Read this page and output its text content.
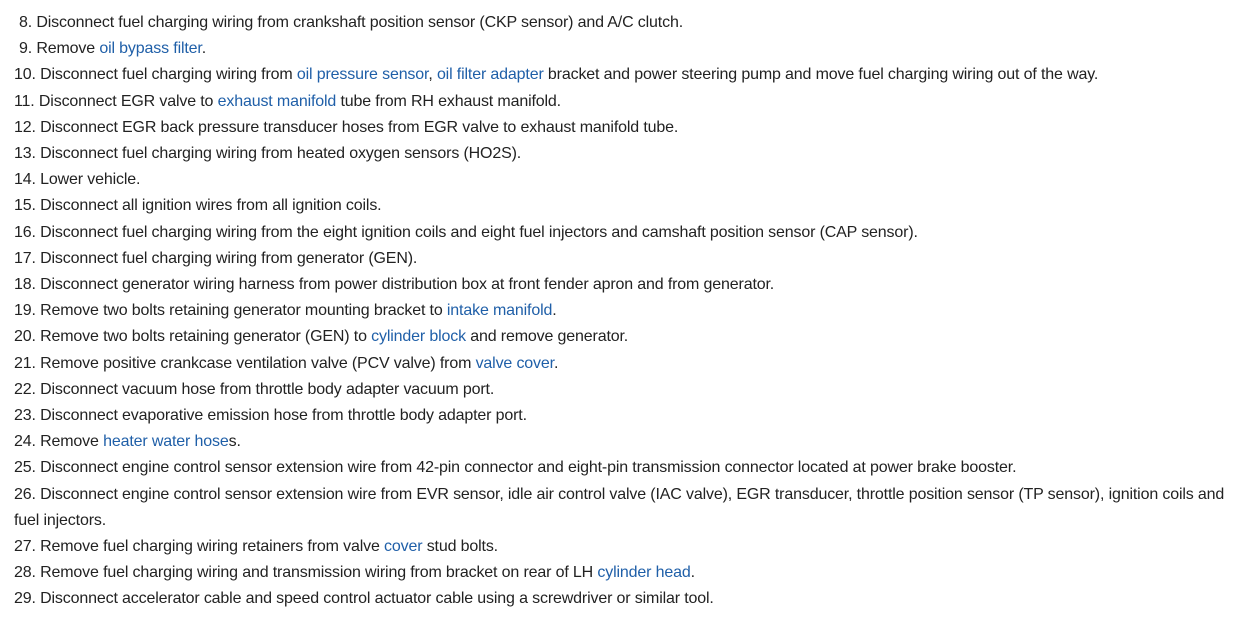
8. Disconnect fuel charging wiring from crankshaft position sensor (CKP sensor) and A/C clutch.
9. Remove oil bypass filter.
10. Disconnect fuel charging wiring from oil pressure sensor, oil filter adapter bracket and power steering pump and move fuel charging wiring out of the way.
11. Disconnect EGR valve to exhaust manifold tube from RH exhaust manifold.
12. Disconnect EGR back pressure transducer hoses from EGR valve to exhaust manifold tube.
13. Disconnect fuel charging wiring from heated oxygen sensors (HO2S).
14. Lower vehicle.
15. Disconnect all ignition wires from all ignition coils.
16. Disconnect fuel charging wiring from the eight ignition coils and eight fuel injectors and camshaft position sensor (CAP sensor).
17. Disconnect fuel charging wiring from generator (GEN).
18. Disconnect generator wiring harness from power distribution box at front fender apron and from generator.
19. Remove two bolts retaining generator mounting bracket to intake manifold.
20. Remove two bolts retaining generator (GEN) to cylinder block and remove generator.
21. Remove positive crankcase ventilation valve (PCV valve) from valve cover.
22. Disconnect vacuum hose from throttle body adapter vacuum port.
23. Disconnect evaporative emission hose from throttle body adapter port.
24. Remove heater water hoses.
25. Disconnect engine control sensor extension wire from 42-pin connector and eight-pin transmission connector located at power brake booster.
26. Disconnect engine control sensor extension wire from EVR sensor, idle air control valve (IAC valve), EGR transducer, throttle position sensor (TP sensor), ignition coils and fuel injectors.
27. Remove fuel charging wiring retainers from valve cover stud bolts.
28. Remove fuel charging wiring and transmission wiring from bracket on rear of LH cylinder head.
29. Disconnect accelerator cable and speed control actuator cable using a screwdriver or similar tool.
